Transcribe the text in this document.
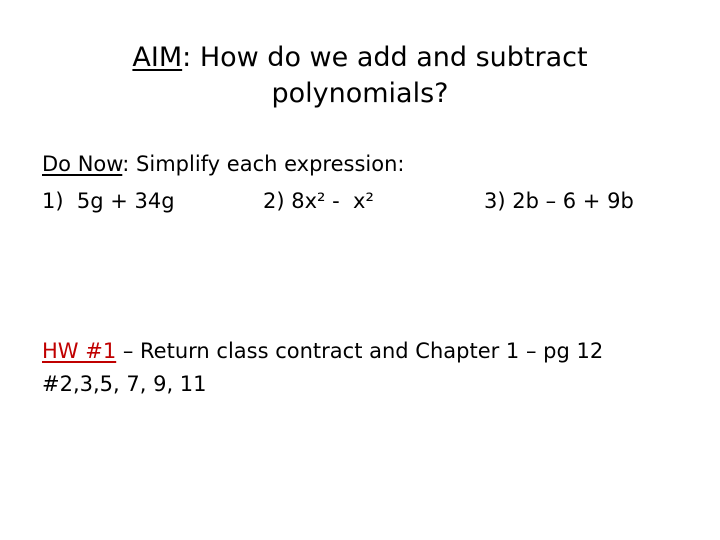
AIM: How do we add and subtract
polynomials?
Do Now: Simplify each expression:
1)  5g + 34g	2) 8x² -  x²	3) 2b – 6 + 9b
HW #1 – Return class contract and Chapter 1 – pg 12
#2,3,5, 7, 9, 11
